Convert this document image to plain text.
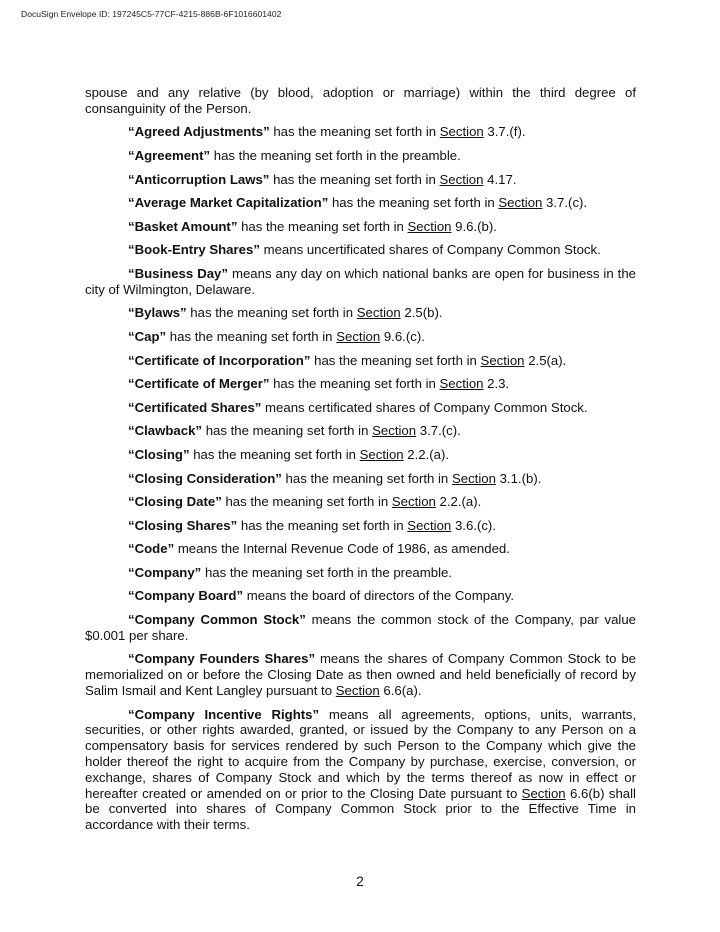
DocuSign Envelope ID: 197245C5-77CF-4215-886B-6F1016601402

spouse and any relative (by blood, adoption or marriage) within the third degree of consanguinity of the Person.

“Agreed Adjustments” has the meaning set forth in Section 3.7.(f).

“Agreement” has the meaning set forth in the preamble.

“Anticorruption Laws” has the meaning set forth in Section 4.17.

“Average Market Capitalization” has the meaning set forth in Section 3.7.(c).

“Basket Amount” has the meaning set forth in Section 9.6.(b).

“Book-Entry Shares” means uncertificated shares of Company Common Stock.

“Business Day” means any day on which national banks are open for business in the city of Wilmington, Delaware.

“Bylaws” has the meaning set forth in Section 2.5(b).

“Cap” has the meaning set forth in Section 9.6.(c).

“Certificate of Incorporation” has the meaning set forth in Section 2.5(a).

“Certificate of Merger” has the meaning set forth in Section 2.3.

“Certificated Shares” means certificated shares of Company Common Stock.

“Clawback” has the meaning set forth in Section 3.7.(c).

“Closing” has the meaning set forth in Section 2.2.(a).

“Closing Consideration” has the meaning set forth in Section 3.1.(b).

“Closing Date” has the meaning set forth in Section 2.2.(a).

“Closing Shares” has the meaning set forth in Section 3.6.(c).

“Code” means the Internal Revenue Code of 1986, as amended.

“Company” has the meaning set forth in the preamble.

“Company Board” means the board of directors of the Company.

“Company Common Stock” means the common stock of the Company, par value $0.001 per share.

“Company Founders Shares” means the shares of Company Common Stock to be memorialized on or before the Closing Date as then owned and held beneficially of record by Salim Ismail and Kent Langley pursuant to Section 6.6(a).

“Company Incentive Rights” means all agreements, options, units, warrants, securities, or other rights awarded, granted, or issued by the Company to any Person on a compensatory basis for services rendered by such Person to the Company which give the holder thereof the right to acquire from the Company by purchase, exercise, conversion, or exchange, shares of Company Stock and which by the terms thereof as now in effect or hereafter created or amended on or prior to the Closing Date pursuant to Section 6.6(b) shall be converted into shares of Company Common Stock prior to the Effective Time in accordance with their terms.

2
